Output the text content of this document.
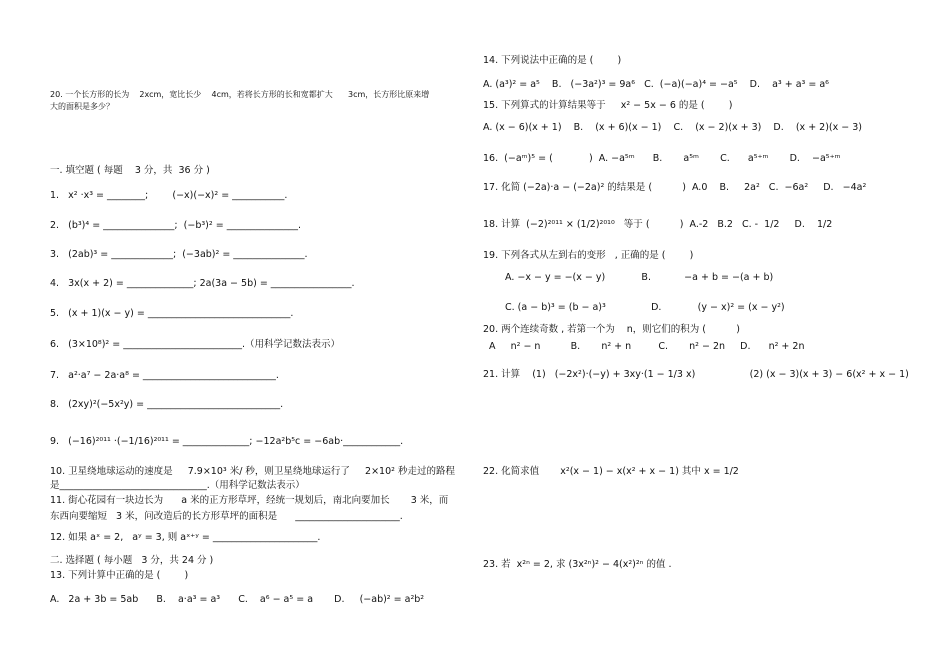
20. 一个长方形的长为    2xcm，宽比长少    4cm，若将长方形的长和宽都扩大      3cm，长方形比原来增
大的面积是多少？
一. 填空题 ( 每题    3 分，共  36 分 )
1.   x² ·x³ = ________;        (−x)(−x)² = ___________.
2.   (b³)⁴ = _______________;  (−b³)² = _______________.
3.   (2ab)³ = _____________;  (−3ab)² = _______________.
4.   3x(x + 2) = ______________; 2a(3a − 5b) = _________________.
5.   (x + 1)(x − y) = ______________________________.
6.   (3×10⁸)² = _________________________.（用科学记数法表示）
7.   a²·a⁷ − 2a·a⁸ = ____________________________.
8.   (2xy)²(−5x²y) = ____________________________.
9.   (−16)²⁰¹¹ ·(−1/16)²⁰¹¹ = ______________; −12a²b⁵c = −6ab·____________.
10. 卫星绕地球运动的速度是     7.9×10³ 米/ 秒，则卫星绕地球运行了     2×10² 秒走过的路程
是_______________________________.（用科学记数法表示）
11. 街心花园有一块边长为      a 米的正方形草坪，经统一规划后，南北向要加长       3 米，而
东西向要缩短   3 米，问改造后的长方形草坪的面积是      ______________________.
12. 如果 aˣ = 2,   aʸ = 3, 则 aˣ⁺ʸ = ______________________.
二. 选择题 ( 每小题   3 分，共 24 分 )
13. 下列计算中正确的是 (        )
A.   2a + 3b = 5ab      B.    a·a³ = a³      C.    a⁶ − a⁵ = a       D.     (−ab)² = a²b²
14. 下列说法中正确的是 (        )
A. (a³)² = a⁵    B.   (−3a²)³ = 9a⁶   C.  (−a)(−a)⁴ = −a⁵    D.    a³ + a³ = a⁶
15. 下列算式的计算结果等于     x² − 5x − 6 的是 (        )
A. (x − 6)(x + 1)    B.    (x + 6)(x − 1)    C.    (x − 2)(x + 3)    D.    (x + 2)(x − 3)
16.  (−aᵐ)⁵ = (            )  A. −a⁵ᵐ      B.       a⁵ᵐ       C.      a⁵⁺ᵐ       D.    −a⁵⁺ᵐ
17. 化简 (−2a)·a − (−2a)² 的结果是 (          )  A.0    B.     2a²   C.  −6a²     D.   −4a²
18. 计算  (−2)²⁰¹¹ × (1/2)²⁰¹⁰   等于 (          )  A.-2   B.2   C. -  1/2     D.    1/2
19. 下列各式从左到右的变形   , 正确的是 (        )
A. −x − y = −(x − y)            B.           −a + b = −(a + b)
C. (a − b)³ = (b − a)³               D.            (y − x)² = (x − y²)
20. 两个连续奇数 , 若第一个为    n，则它们的积为 (          )
A     n² − n          B.       n² + n         C.       n² − 2n     D.      n² + 2n
21. 计算    (1)   (−2x²)·(−y) + 3xy·(1 − 1/3 x)                  (2) (x − 3)(x + 3) − 6(x² + x − 1)
22. 化简求值       x²(x − 1) − x(x² + x − 1) 其中 x = 1/2
23. 若  x²ⁿ = 2, 求 (3x²ⁿ)² − 4(x²)²ⁿ 的值 .
